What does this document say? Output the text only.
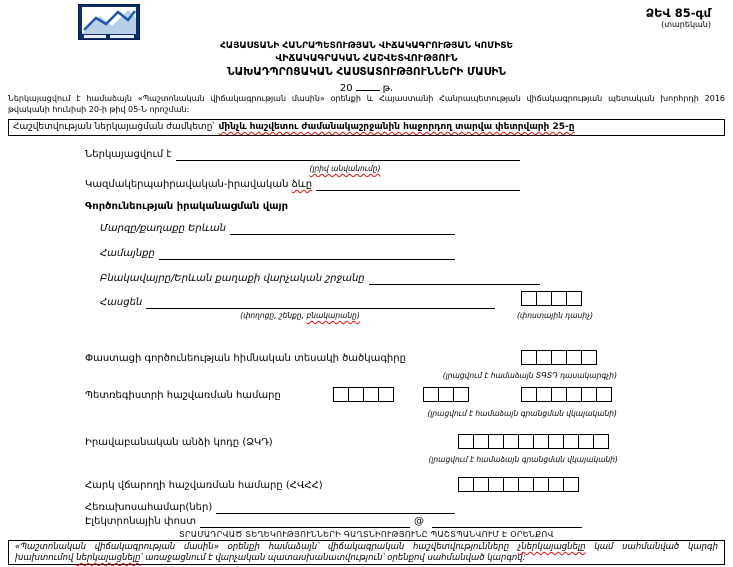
ՁԵՎ 85-գմ
(տարեկան)
ՀԱՅԱՍՏԱՆԻ ՀԱՆՐԱՊԵՏՈՒԹՅԱՆ ՎԻՃԱԿԱԳՐՈՒԹՅԱՆ ԿՈՄԻՏԵ
ՎԻՃԱԿԱԳՐԱԿԱՆ ՀԱՇՎԵՏՎՈՒԹՅՈՒՆ
ՆԱԽԱԴՊՐՈՑԱԿԱՆ ՀԱՍՏԱՏՈՒԹՅՈՒՆՆԵՐԻ ՄԱՍԻՆ
20	թ.

Ներկայացվում է համաձայն «Պաշտոնական վիճակագրության մասին» օրենքի և Հայաստանի Հանրապետության վիճակագրության պետական խորհրդի 2016 թվականի հունիսի 20-ի թիվ 05-Ն որոշման:

Հաշվետվության ներկայացման ժամկետը՝ մինչև հաշվետու ժամանակաշրջանին հաջորդող տարվա փետրվարի 25-ը
Ներկայացվում է
(լրիվ անվանումը)
Կազմակերպաիրավական-իրավական ձևը
Գործունեության իրականացման վայր
Մարզը/քաղաքը Երևան
Համայնքը
Բնակավայրը/Երևան քաղաքի վարչական շրջանը
Հասցեն
(փողոցը, շենքը, բնակարանը)	(փոստային դասիչ)
Փաստացի գործունեության հիմնական տեսակի ծածկագիրը
(լրացվում է համաձայն ՏԳՏԴ դասակարգչի)
Պետռեգիստրի հաշվառման համարը
(լրացվում է համաձայն գրանցման վկայականի)
Իրավաբանական անձի կոդը (ՁԿԴ)
(լրացվում է համաձայն գրանցման վկայականի)
Հարկ վճարողի հաշվառման համարը (ՀՎՀՀ)
Հեռախոսահամար(ներ)
Էլեկտրոնային փոստ	@
ՏՐԱՄԱԴՐՎԱԾ ՏԵՂԵԿՈՒԹՅՈՒՆՆԵՐԻ ԳԱՂՏՆԻՈՒԹՅՈՒՆԸ ՊԱՇՏՊԱՆՎՈՒՄ Է ՕՐԵՆՔՈՎ
«Պաշտոնական վիճակագրության մասին» օրենքի համաձայն՝ վիճակագրական հաշվետվությունները չներկայացնելը կամ սահմանված կարգի խախտումով ներկայացնելը՝ առաջացնում է վարչական պատասխանատվություն՝ օրենքով սահմանված կարգով:
